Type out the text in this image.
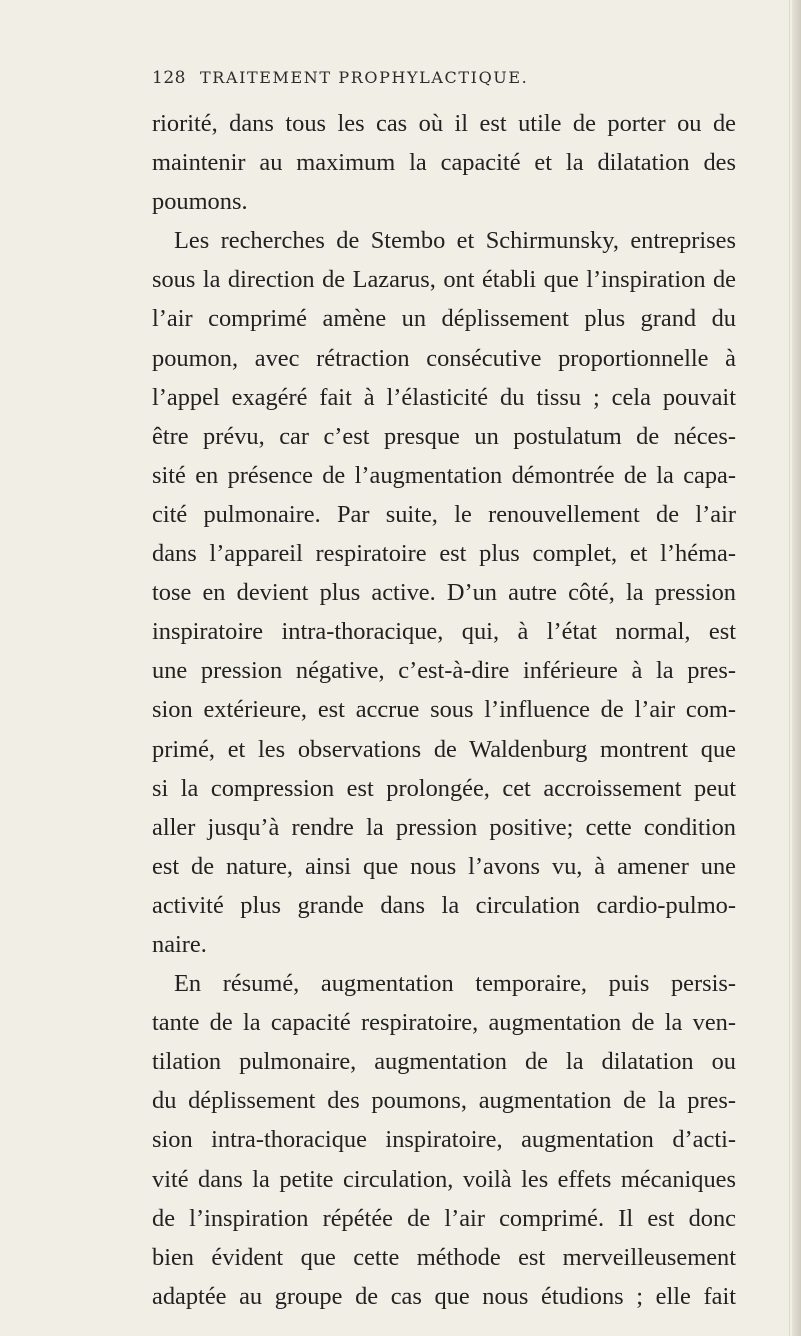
128 TRAITEMENT PROPHYLACTIQUE.
riorité, dans tous les cas où il est utile de porter ou de
maintenir au maximum la capacité et la dilatation des
poumons.
Les recherches de Stembo et Schirmunsky, entreprises
sous la direction de Lazarus, ont établi que l’inspiration de
l’air comprimé amène un déplissement plus grand du
poumon, avec rétraction consécutive proportionnelle à
l’appel exagéré fait à l’élasticité du tissu ; cela pouvait
être prévu, car c’est presque un postulatum de néces-
sité en présence de l’augmentation démontrée de la capa-
cité pulmonaire. Par suite, le renouvellement de l’air
dans l’appareil respiratoire est plus complet, et l’héma-
tose en devient plus active. D’un autre côté, la pression
inspiratoire intra-thoracique, qui, à l’état normal, est
une pression négative, c’est-à-dire inférieure à la pres-
sion extérieure, est accrue sous l’influence de l’air com-
primé, et les observations de Waldenburg montrent que
si la compression est prolongée, cet accroissement peut
aller jusqu’à rendre la pression positive; cette condition
est de nature, ainsi que nous l’avons vu, à amener une
activité plus grande dans la circulation cardio-pulmo-
naire.
En résumé, augmentation temporaire, puis persis-
tante de la capacité respiratoire, augmentation de la ven-
tilation pulmonaire, augmentation de la dilatation ou
du déplissement des poumons, augmentation de la pres-
sion intra-thoracique inspiratoire, augmentation d’acti-
vité dans la petite circulation, voilà les effets mécaniques
de l’inspiration répétée de l’air comprimé. Il est donc
bien évident que cette méthode est merveilleusement
adaptée au groupe de cas que nous étudions ; elle fait
